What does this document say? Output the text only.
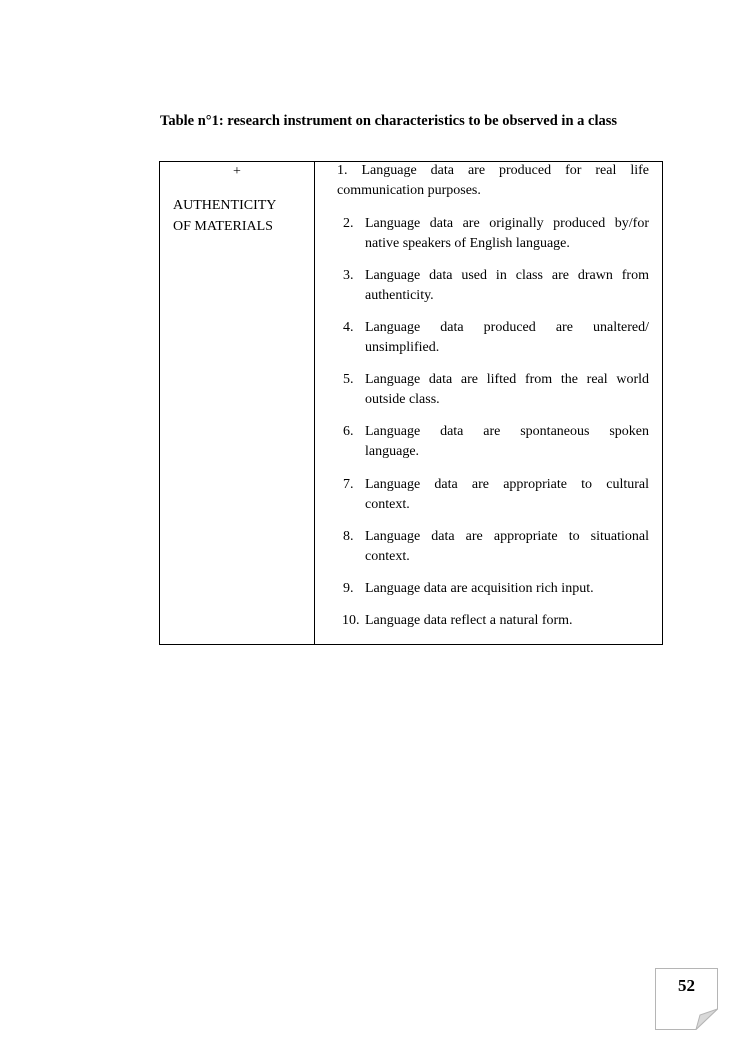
Table n°1: research instrument on characteristics to be observed in a class
+
AUTHENTICITY
OF MATERIALS
1. Language data are produced for real life
communication purposes.
2. Language data are originally produced by/for
native speakers of English language.
3. Language data used in class are drawn from
authenticity.
4. Language data produced are unaltered/
unsimplified.
5. Language data are lifted from the real world
outside class.
6. Language data are spontaneous spoken
language.
7. Language data are appropriate to cultural
context.
8. Language data are appropriate to situational
context.
9. Language data are acquisition rich input.
10. Language data reflect a natural form.
52
